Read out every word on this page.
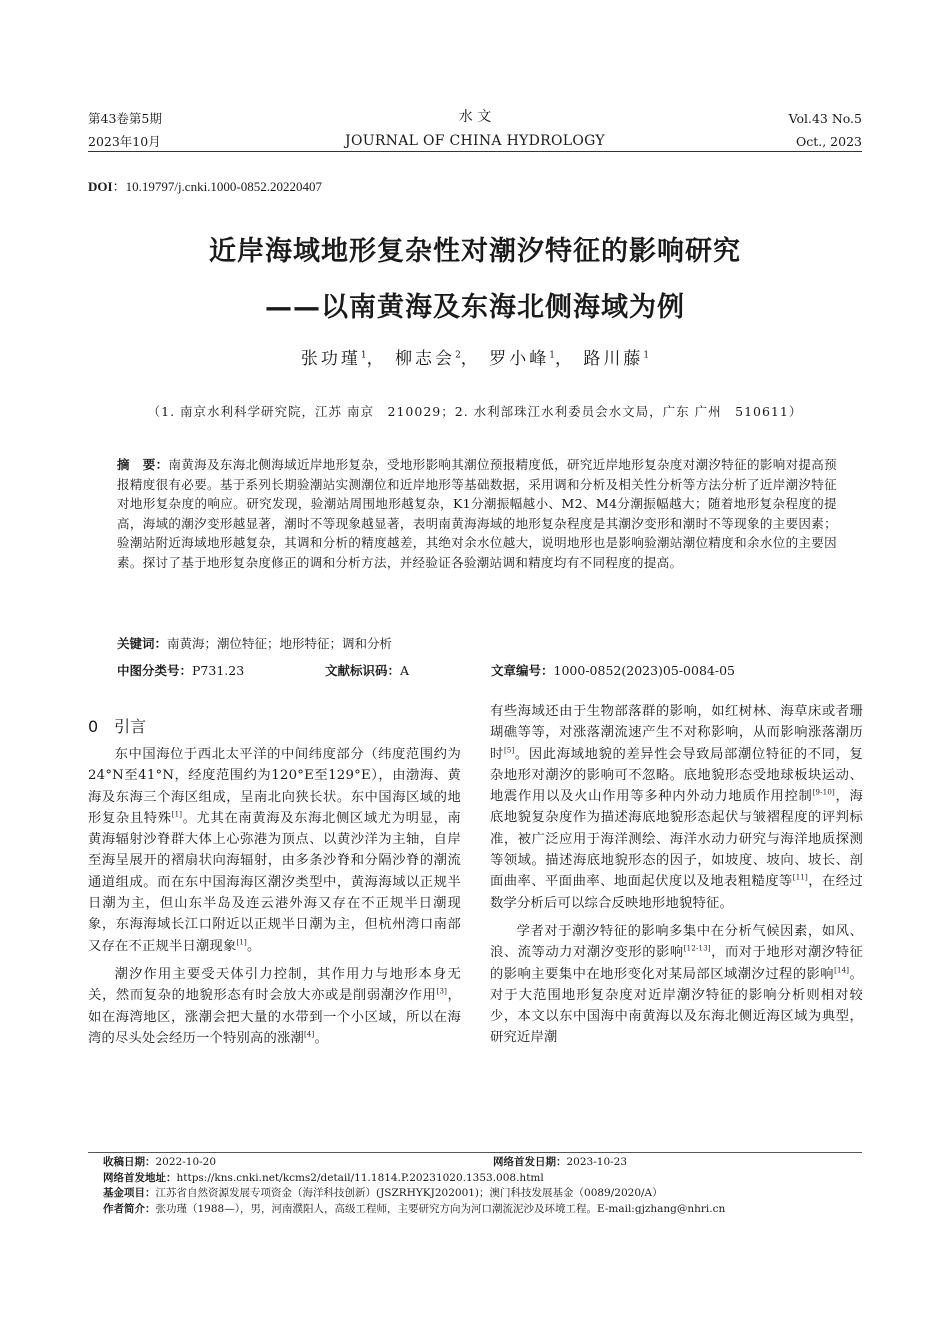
第43卷第5期
2023年10月
水 文
JOURNAL OF CHINA HYDROLOGY
Vol.43 No.5
Oct., 2023
DOI：10.19797/j.cnki.1000-0852.20220407
近岸海域地形复杂性对潮汐特征的影响研究
——以南黄海及东海北侧海域为例
张功瑾$^1$， 柳志会$^2$， 罗小峰$^1$， 路川藤$^1$
（1. 南京水利科学研究院，江苏 南京　210029；2. 水利部珠江水利委员会水文局，广东 广州　510611）
摘　要：南黄海及东海北侧海域近岸地形复杂，受地形影响其潮位预报精度低，研究近岸地形复杂度对潮汐特征的影响对提高预报精度很有必要。基于系列长期验潮站实测潮位和近岸地形等基础数据，采用调和分析及相关性分析等方法分析了近岸潮汐特征对地形复杂度的响应。研究发现，验潮站周围地形越复杂，K1分潮振幅越小、M2、M4分潮振幅越大；随着地形复杂程度的提高，海域的潮汐变形越显著，潮时不等现象越显著，表明南黄海海域的地形复杂程度是其潮汐变形和潮时不等现象的主要因素；验潮站附近海域地形越复杂，其调和分析的精度越差，其绝对余水位越大，说明地形也是影响验潮站潮位精度和余水位的主要因素。探讨了基于地形复杂度修正的调和分析方法，并经验证各验潮站调和精度均有不同程度的提高。
关键词：南黄海；潮位特征；地形特征；调和分析
中图分类号：P731.23	文献标识码：A	文章编号：1000-0852(2023)05-0084-05
0　引言

东中国海位于西北太平洋的中间纬度部分（纬度范围约为24°N至41°N，经度范围约为120°E至129°E），由渤海、黄海及东海三个海区组成，呈南北向狭长状。东中国海区域的地形复杂且特殊[1]。尤其在南黄海及东海北侧区域尤为明显，南黄海辐射沙脊群大体上心弥港为顶点、以黄沙洋为主轴，自岸至海呈展开的褶扇状向海辐射，由多条沙脊和分隔沙脊的潮流通道组成。而在东中国海海区潮汐类型中，黄海海域以正规半日潮为主，但山东半岛及连云港外海又存在不正规半日潮现象，东海海域长江口附近以正规半日潮为主，但杭州湾口南部又存在不正规半日潮现象[1]。

潮汐作用主要受天体引力控制，其作用力与地形本身无关，然而复杂的地貌形态有时会放大亦或是削弱潮汐作用[3]，如在海湾地区，涨潮会把大量的水带到一个小区域，所以在海湾的尽头处会经历一个特别高的涨潮[4]。

有些海域还由于生物部落群的影响，如红树林、海草床或者珊瑚礁等等，对涨落潮流速产生不对称影响，从而影响涨落潮历时[5]。因此海域地貌的差异性会导致局部潮位特征的不同，复杂地形对潮汐的影响可不忽略。底地貌形态受地球板块运动、地震作用以及火山作用等多种内外动力地质作用控制[9-10]，海底地貌复杂度作为描述海底地貌形态起伏与皱褶程度的评判标准，被广泛应用于海洋测绘、海洋水动力研究与海洋地质探测等领域。描述海底地貌形态的因子，如坡度、坡向、坡长、剖面曲率、平面曲率、地面起伏度以及地表粗糙度等[11]，在经过数学分析后可以综合反映地形地貌特征。

学者对于潮汐特征的影响多集中在分析气候因素，如风、浪、流等动力对潮汐变形的影响[12-13]，而对于地形对潮汐特征的影响主要集中在地形变化对某局部区域潮汐过程的影响[14]。对于大范围地形复杂度对近岸潮汐特征的影响分析则相对较少，本文以东中国海中南黄海以及东海北侧近海区域为典型，研究近岸潮

收稿日期：2022-10-20	网络首发日期：2023-10-23
网络首发地址：https://kns.cnki.net/kcms2/detail/11.1814.P.20231020.1353.008.html
基金项目：江苏省自然资源发展专项资金（海洋科技创新）(JSZRHYKJ202001)；澳门科技发展基金（0089/2020/A）
作者简介：张功瑾（1988—），男，河南濮阳人，高级工程师，主要研究方向为河口潮流泥沙及环境工程。E-mail:gjzhang@nhri.cn
